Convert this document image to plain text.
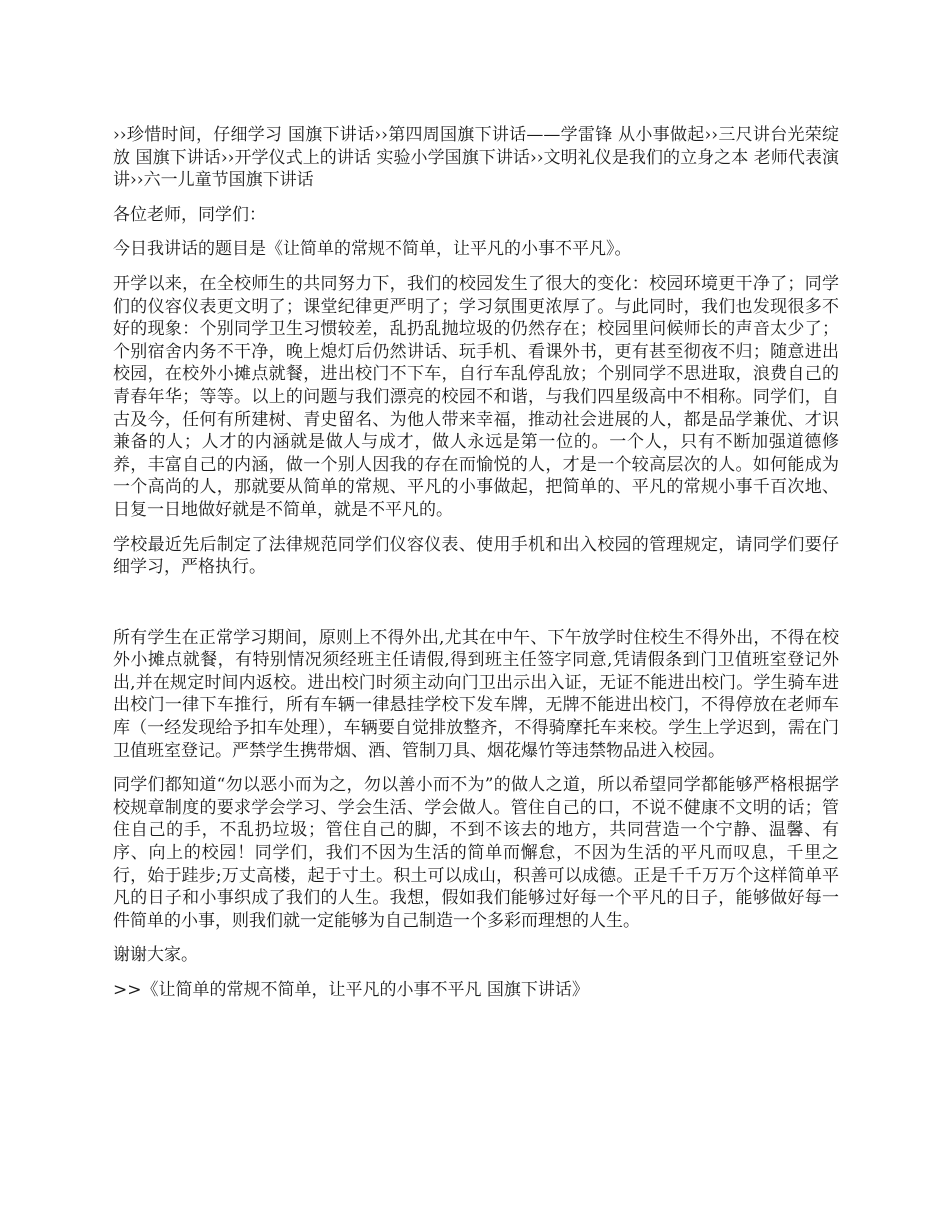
››珍惜时间，仔细学习 国旗下讲话››第四周国旗下讲话——学雷锋 从小事做起››三尺讲台光荣绽放 国旗下讲话››开学仪式上的讲话 实验小学国旗下讲话››文明礼仪是我们的立身之本 老师代表演讲››六一儿童节国旗下讲话

各位老师，同学们：

今日我讲话的题目是《让简单的常规不简单，让平凡的小事不平凡》。

开学以来，在全校师生的共同努力下，我们的校园发生了很大的变化：校园环境更干净了；同学们的仪容仪表更文明了；课堂纪律更严明了；学习氛围更浓厚了。与此同时，我们也发现很多不好的现象：个别同学卫生习惯较差，乱扔乱抛垃圾的仍然存在；校园里问候师长的声音太少了；个别宿舍内务不干净，晚上熄灯后仍然讲话、玩手机、看课外书，更有甚至彻夜不归；随意进出校园，在校外小摊点就餐，进出校门不下车，自行车乱停乱放；个别同学不思进取，浪费自己的青春年华；等等。以上的问题与我们漂亮的校园不和谐，与我们四星级高中不相称。同学们，自古及今，任何有所建树、青史留名、为他人带来幸福，推动社会进展的人，都是品学兼优、才识兼备的人；人才的内涵就是做人与成才，做人永远是第一位的。一个人，只有不断加强道德修养，丰富自己的内涵，做一个别人因我的存在而愉悦的人，才是一个较高层次的人。如何能成为一个高尚的人，那就要从简单的常规、平凡的小事做起，把简单的、平凡的常规小事千百次地、日复一日地做好就是不简单，就是不平凡的。

学校最近先后制定了法律规范同学们仪容仪表、使用手机和出入校园的管理规定，请同学们要仔细学习，严格执行。

所有学生在正常学习期间，原则上不得外出,尤其在中午、下午放学时住校生不得外出，不得在校外小摊点就餐，有特别情况须经班主任请假,得到班主任签字同意,凭请假条到门卫值班室登记外出,并在规定时间内返校。进出校门时须主动向门卫出示出入证，无证不能进出校门。学生骑车进出校门一律下车推行，所有车辆一律悬挂学校下发车牌，无牌不能进出校门，不得停放在老师车库（一经发现给予扣车处理），车辆要自觉排放整齐，不得骑摩托车来校。学生上学迟到，需在门卫值班室登记。严禁学生携带烟、酒、管制刀具、烟花爆竹等违禁物品进入校园。

同学们都知道“勿以恶小而为之，勿以善小而不为”的做人之道，所以希望同学都能够严格根据学校规章制度的要求学会学习、学会生活、学会做人。管住自己的口，不说不健康不文明的话；管住自己的手，不乱扔垃圾；管住自己的脚，不到不该去的地方，共同营造一个宁静、温馨、有序、向上的校园！同学们，我们不因为生活的简单而懈怠，不因为生活的平凡而叹息，千里之行，始于跬步;万丈高楼，起于寸土。积土可以成山，积善可以成德。正是千千万万个这样简单平凡的日子和小事织成了我们的人生。我想，假如我们能够过好每一个平凡的日子，能够做好每一件简单的小事，则我们就一定能够为自己制造一个多彩而理想的人生。

谢谢大家。

>>《让简单的常规不简单，让平凡的小事不平凡 国旗下讲话》
